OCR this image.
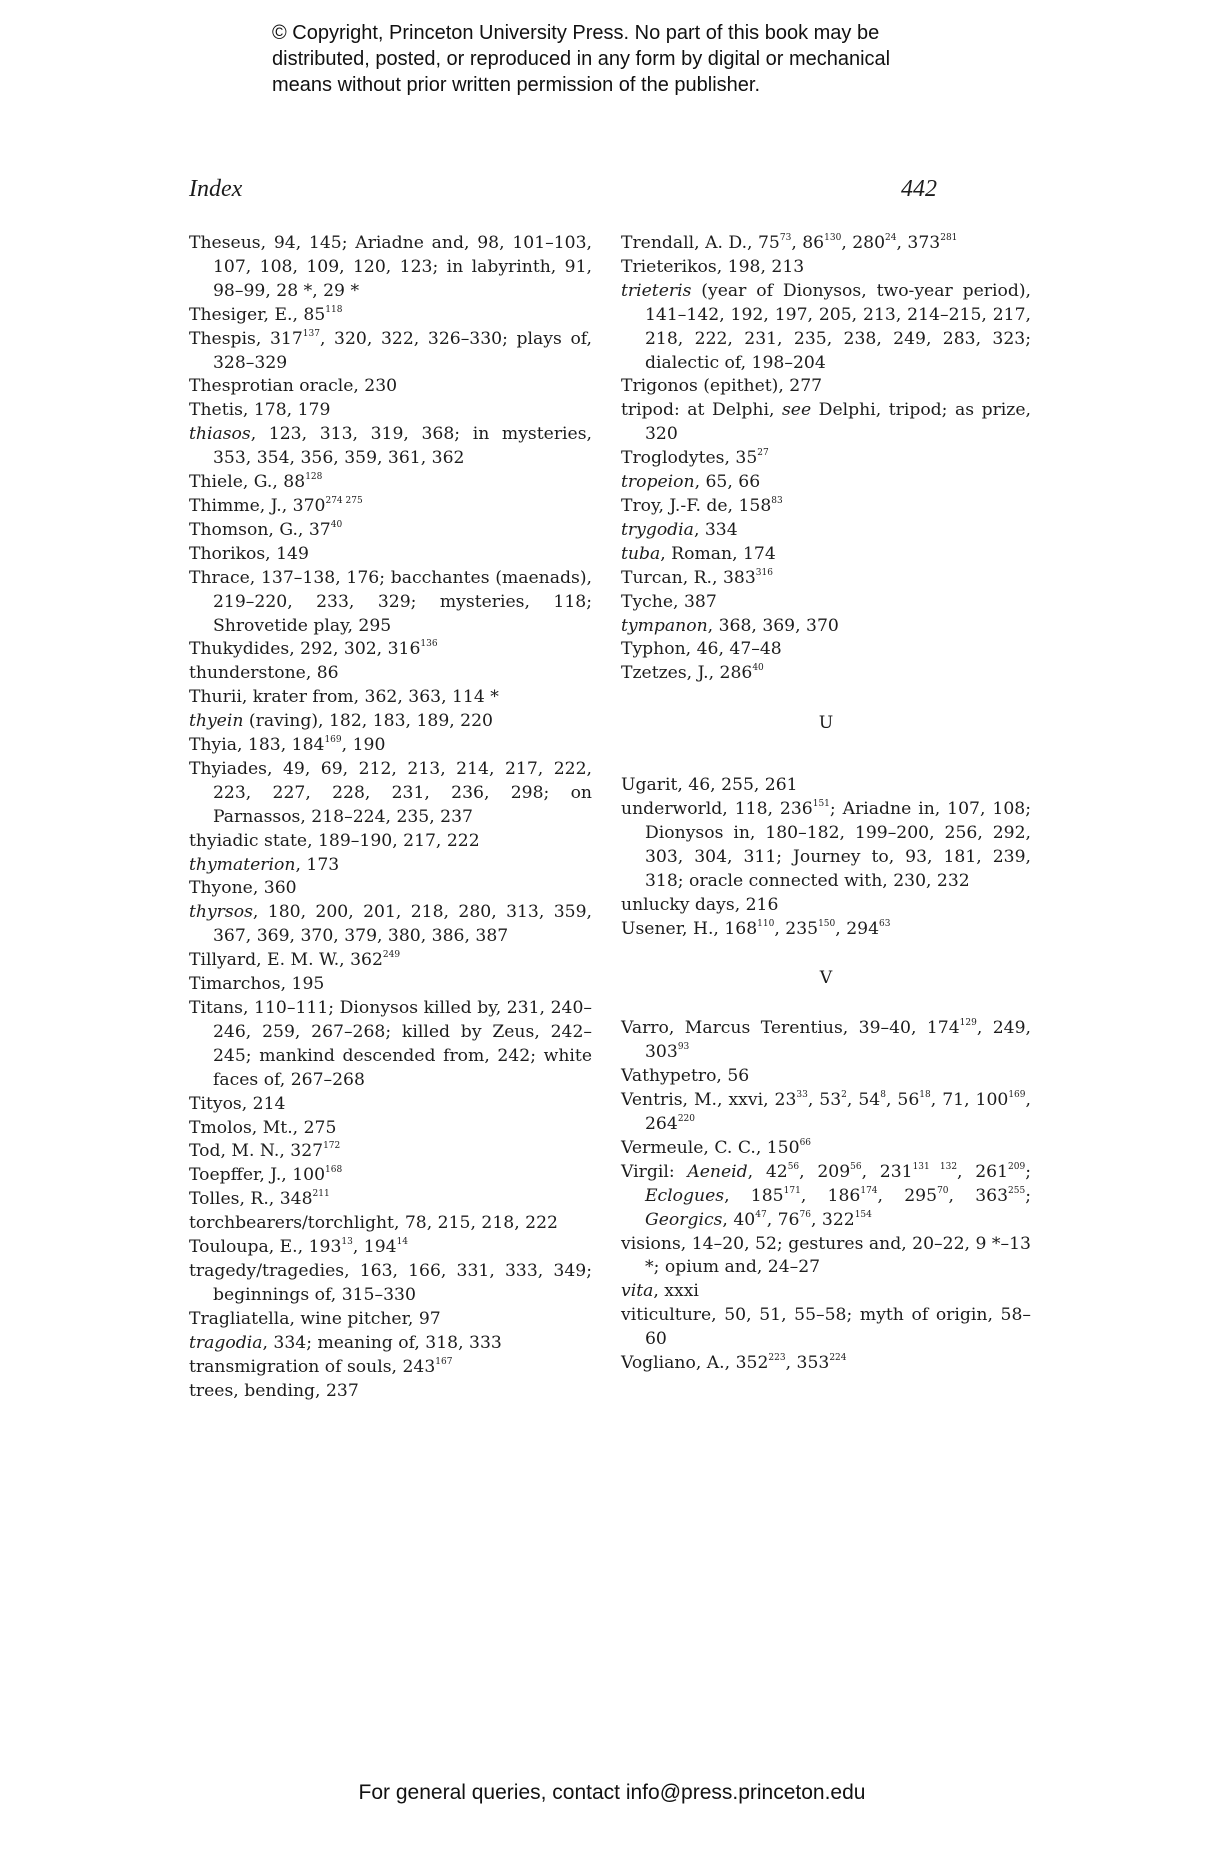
© Copyright, Princeton University Press. No part of this book may be
distributed, posted, or reproduced in any form by digital or mechanical
means without prior written permission of the publisher.
Index	442

Theseus, 94, 145; Ariadne and, 98, 101–103, 107, 108, 109, 120, 123; in labyrinth, 91, 98–99, 28 *, 29 *

Thesiger, E., $85^{118}$

Thespis, $317^{137}$, 320, 322, 326–330; plays of, 328–329

Thesprotian oracle, 230

Thetis, 178, 179

thiasos, 123, 313, 319, 368; in mysteries, 353, 354, 356, 359, 361, 362

Thiele, G., $88^{128}$

Thimme, J., $370^{274 275}$

Thomson, G., $37^{40}$

Thorikos, 149

Thrace, 137–138, 176; bacchantes (maenads), 219–220, 233, 329; mysteries, 118; Shrovetide play, 295

Thukydides, 292, 302, $316^{136}$

thunderstone, 86

Thurii, krater from, 362, 363, 114 *

thyein (raving), 182, 183, 189, 220

Thyia, 183, $184^{169}$, 190

Thyiades, 49, 69, 212, 213, 214, 217, 222, 223, 227, 228, 231, 236, 298; on Parnassos, 218–224, 235, 237

thyiadic state, 189–190, 217, 222

thymaterion, 173

Thyone, 360

thyrsos, 180, 200, 201, 218, 280, 313, 359, 367, 369, 370, 379, 380, 386, 387

Tillyard, E. M. W., $362^{249}$

Timarchos, 195

Titans, 110–111; Dionysos killed by, 231, 240–246, 259, 267–268; killed by Zeus, 242–245; mankind descended from, 242; white faces of, 267–268

Tityos, 214

Tmolos, Mt., 275

Tod, M. N., $327^{172}$

Toepffer, J., $100^{168}$

Tolles, R., $348^{211}$

torchbearers/torchlight, 78, 215, 218, 222

Touloupa, E., $193^{13}$, $194^{14}$

tragedy/tragedies, 163, 166, 331, 333, 349; beginnings of, 315–330

Tragliatella, wine pitcher, 97

tragodia, 334; meaning of, 318, 333

transmigration of souls, $243^{167}$

trees, bending, 237

Trendall, A. D., $75^{73}$, $86^{130}$, $280^{24}$, $373^{281}$

Trieterikos, 198, 213

trieteris (year of Dionysos, two-year period), 141–142, 192, 197, 205, 213, 214–215, 217, 218, 222, 231, 235, 238, 249, 283, 323; dialectic of, 198–204

Trigonos (epithet), 277

tripod: at Delphi, see Delphi, tripod; as prize, 320

Troglodytes, $35^{27}$

tropeion, 65, 66

Troy, J.-F. de, $158^{83}$

trygodia, 334

tuba, Roman, 174

Turcan, R., $383^{316}$

Tyche, 387

tympanon, 368, 369, 370

Typhon, 46, 47–48

Tzetzes, J., $286^{40}$

U

Ugarit, 46, 255, 261

underworld, 118, $236^{151}$; Ariadne in, 107, 108; Dionysos in, 180–182, 199–200, 256, 292, 303, 304, 311; Journey to, 93, 181, 239, 318; oracle connected with, 230, 232

unlucky days, 216

Usener, H., $168^{110}$, $235^{150}$, $294^{63}$

V

Varro, Marcus Terentius, 39–40, $174^{129}$, 249, $303^{93}$

Vathypetro, 56

Ventris, M., xxvi, $23^{33}$, $53^2$, $54^8$, $56^{18}$, 71, $100^{169}$, $264^{220}$

Vermeule, C. C., $150^{66}$

Virgil: Aeneid, $42^{56}$, $209^{56}$, $231^{131 132}$, $261^{209}$; Eclogues, $185^{171}$, $186^{174}$, $295^{70}$, $363^{255}$; Georgics, $40^{47}$, $76^{76}$, $322^{154}$

visions, 14–20, 52; gestures and, 20–22, 9 *–13 *; opium and, 24–27

vita, xxxi

viticulture, 50, 51, 55–58; myth of origin, 58–60

Vogliano, A., $352^{223}$, $353^{224}$

For general queries, contact info@press.princeton.edu
